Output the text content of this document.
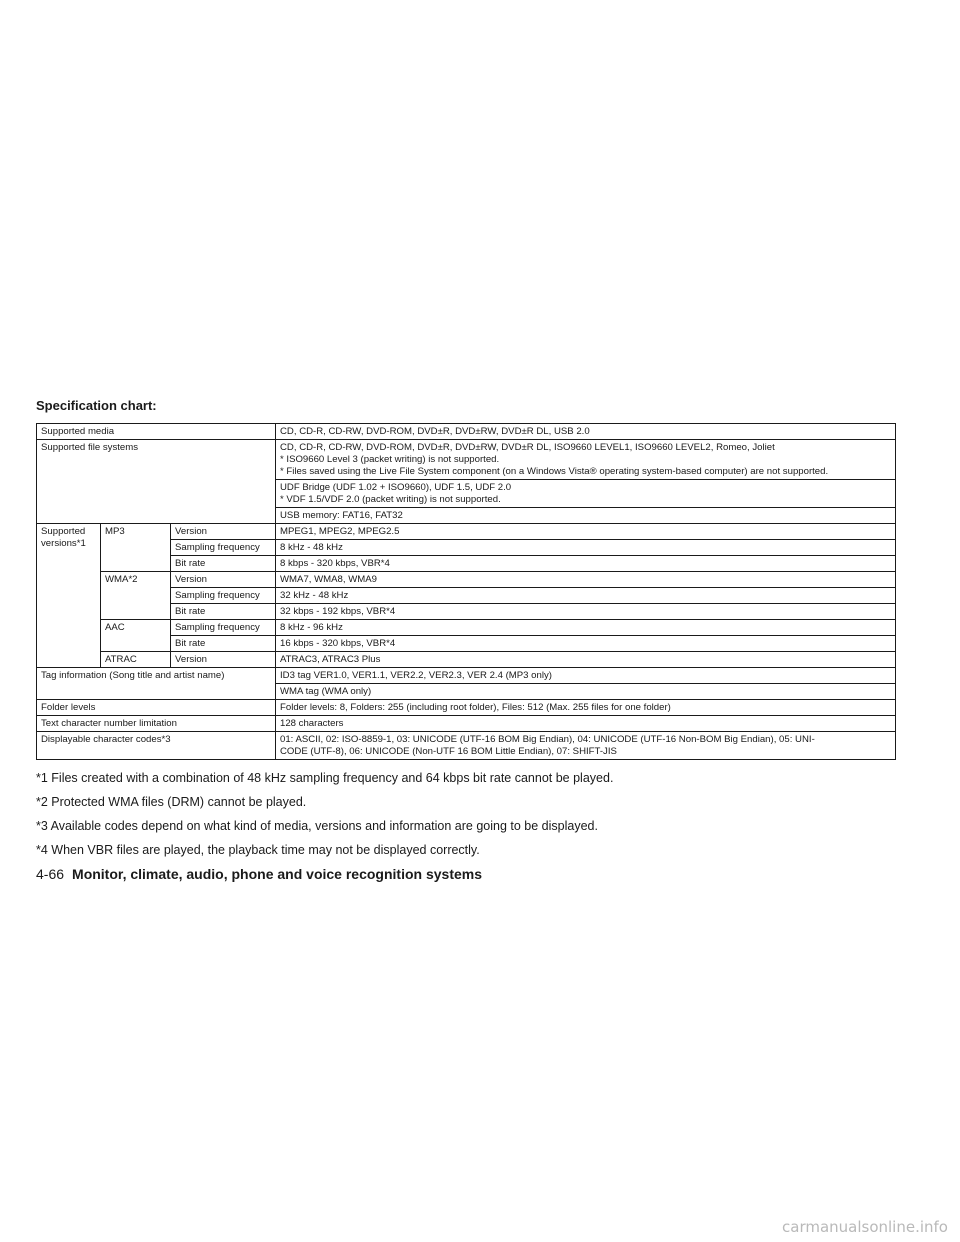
Specification chart:
Supported media			CD, CD-R, CD-RW, DVD-ROM, DVD±R, DVD±RW, DVD±R DL, USB 2.0
Supported file systems			CD, CD-R, CD-RW, DVD-ROM, DVD±R, DVD±RW, DVD±R DL, ISO9660 LEVEL1, ISO9660 LEVEL2, Romeo, Joliet
* ISO9660 Level 3 (packet writing) is not supported.
* Files saved using the Live File System component (on a Windows Vista® operating system-based computer) are not supported.

			UDF Bridge (UDF 1.02 + ISO9660), UDF 1.5, UDF 2.0
* VDF 1.5/VDF 2.0 (packet writing) is not supported.

			USB memory: FAT16, FAT32

Supported
versions*1	MP3	Version	MPEG1, MPEG2, MPEG2.5
		Sampling frequency	8 kHz - 48 kHz
		Bit rate	8 kbps - 320 kbps, VBR*4
	WMA*2	Version	WMA7, WMA8, WMA9
		Sampling frequency	32 kHz - 48 kHz
		Bit rate	32 kbps - 192 kbps, VBR*4
	AAC	Sampling frequency	8 kHz - 96 kHz
		Bit rate	16 kbps - 320 kbps, VBR*4
	ATRAC	Version	ATRAC3, ATRAC3 Plus
Tag information (Song title and artist name)			ID3 tag VER1.0, VER1.1, VER2.2, VER2.3, VER 2.4 (MP3 only)
			WMA tag (WMA only)
Folder levels			Folder levels: 8, Folders: 255 (including root folder), Files: 512 (Max. 255 files for one folder)
Text character number limitation			128 characters
Displayable character codes*3			01: ASCII, 02: ISO-8859-1, 03: UNICODE (UTF-16 BOM Big Endian), 04: UNICODE (UTF-16 Non-BOM Big Endian), 05: UNI-
CODE (UTF-8), 06: UNICODE (Non-UTF 16 BOM Little Endian), 07: SHIFT-JIS

*1 Files created with a combination of 48 kHz sampling frequency and 64 kbps bit rate cannot be played.

*2 Protected WMA files (DRM) cannot be played.

*3 Available codes depend on what kind of media, versions and information are going to be displayed.

*4 When VBR files are played, the playback time may not be displayed correctly.

4-66 Monitor, climate, audio, phone and voice recognition systems
carmanualsonline.info
